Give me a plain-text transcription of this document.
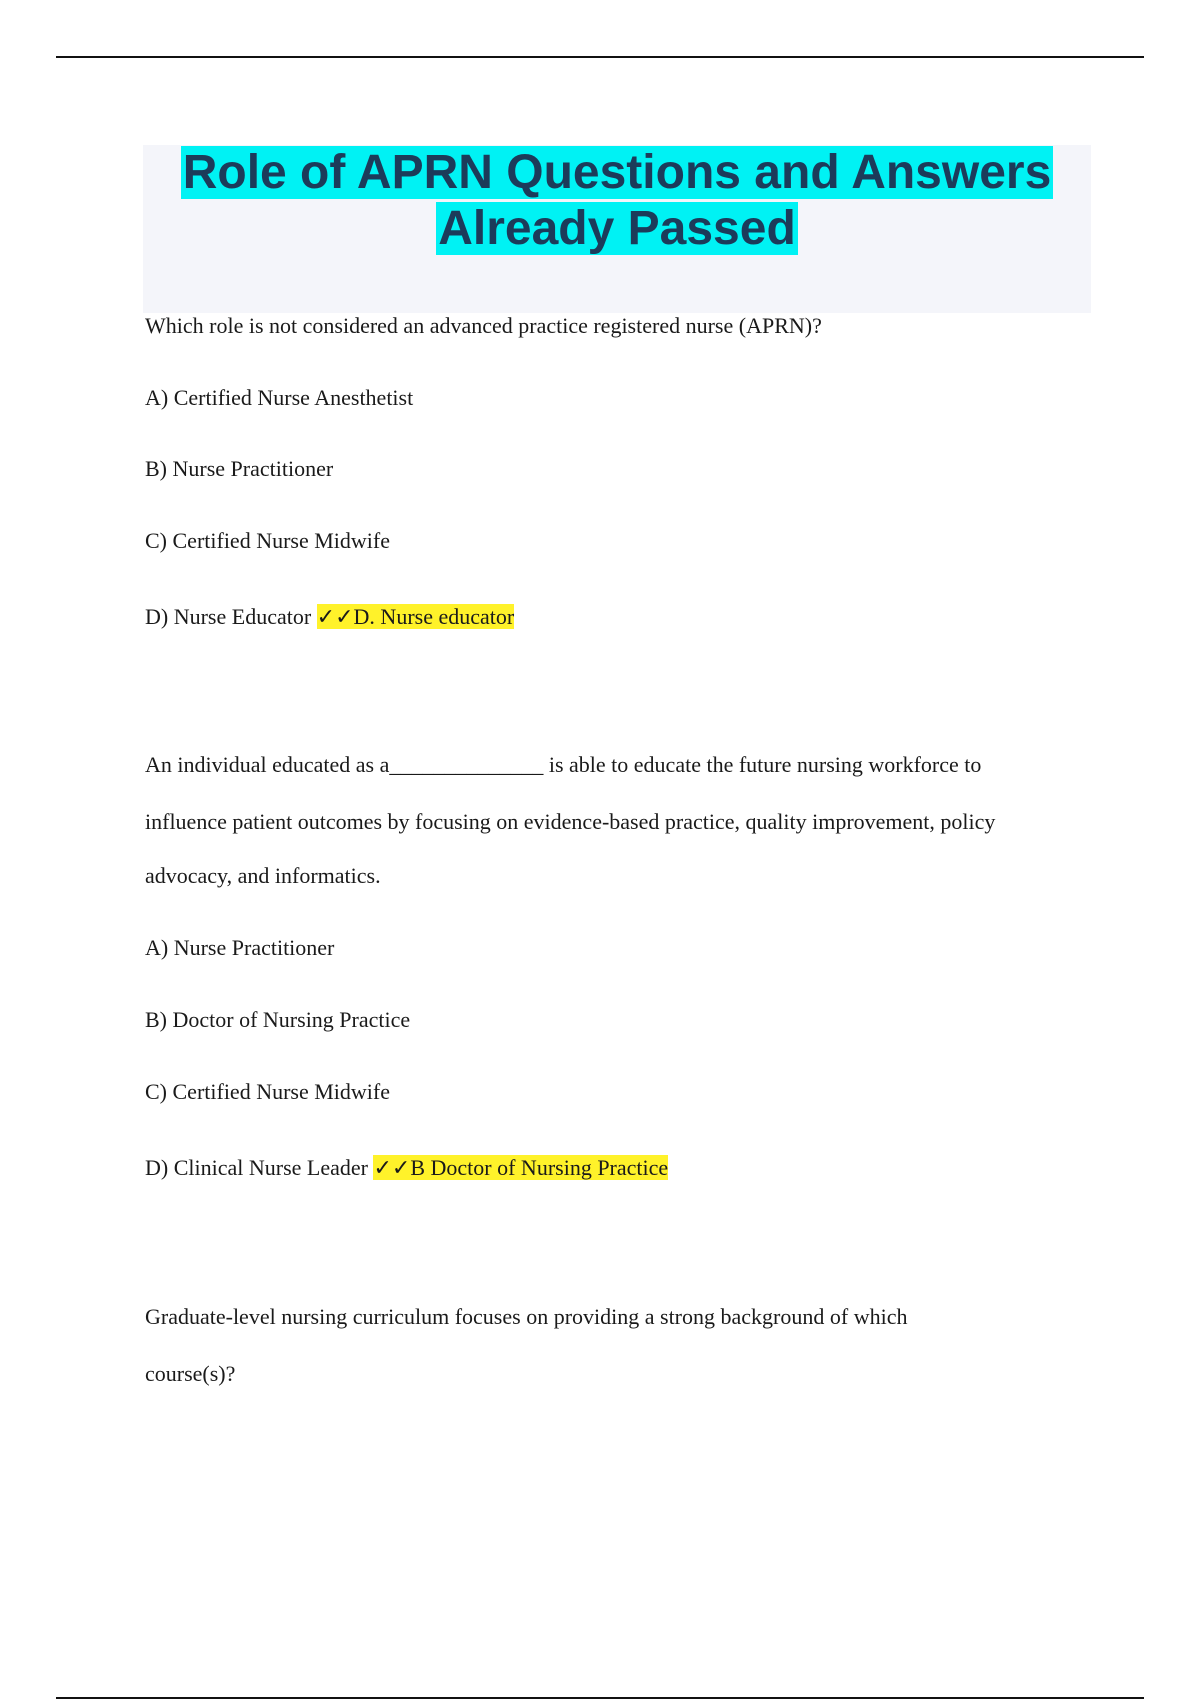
Role of APRN Questions and Answers
Already Passed

Which role is not considered an advanced practice registered nurse (APRN)?

A) Certified Nurse Anesthetist

B) Nurse Practitioner

C) Certified Nurse Midwife

D) Nurse Educator ✓✓D. Nurse educator

An individual educated as a______________ is able to educate the future nursing workforce to

influence patient outcomes by focusing on evidence-based practice, quality improvement, policy

advocacy, and informatics.

A) Nurse Practitioner

B) Doctor of Nursing Practice

C) Certified Nurse Midwife

D) Clinical Nurse Leader ✓✓B Doctor of Nursing Practice

Graduate-level nursing curriculum focuses on providing a strong background of which

course(s)?
